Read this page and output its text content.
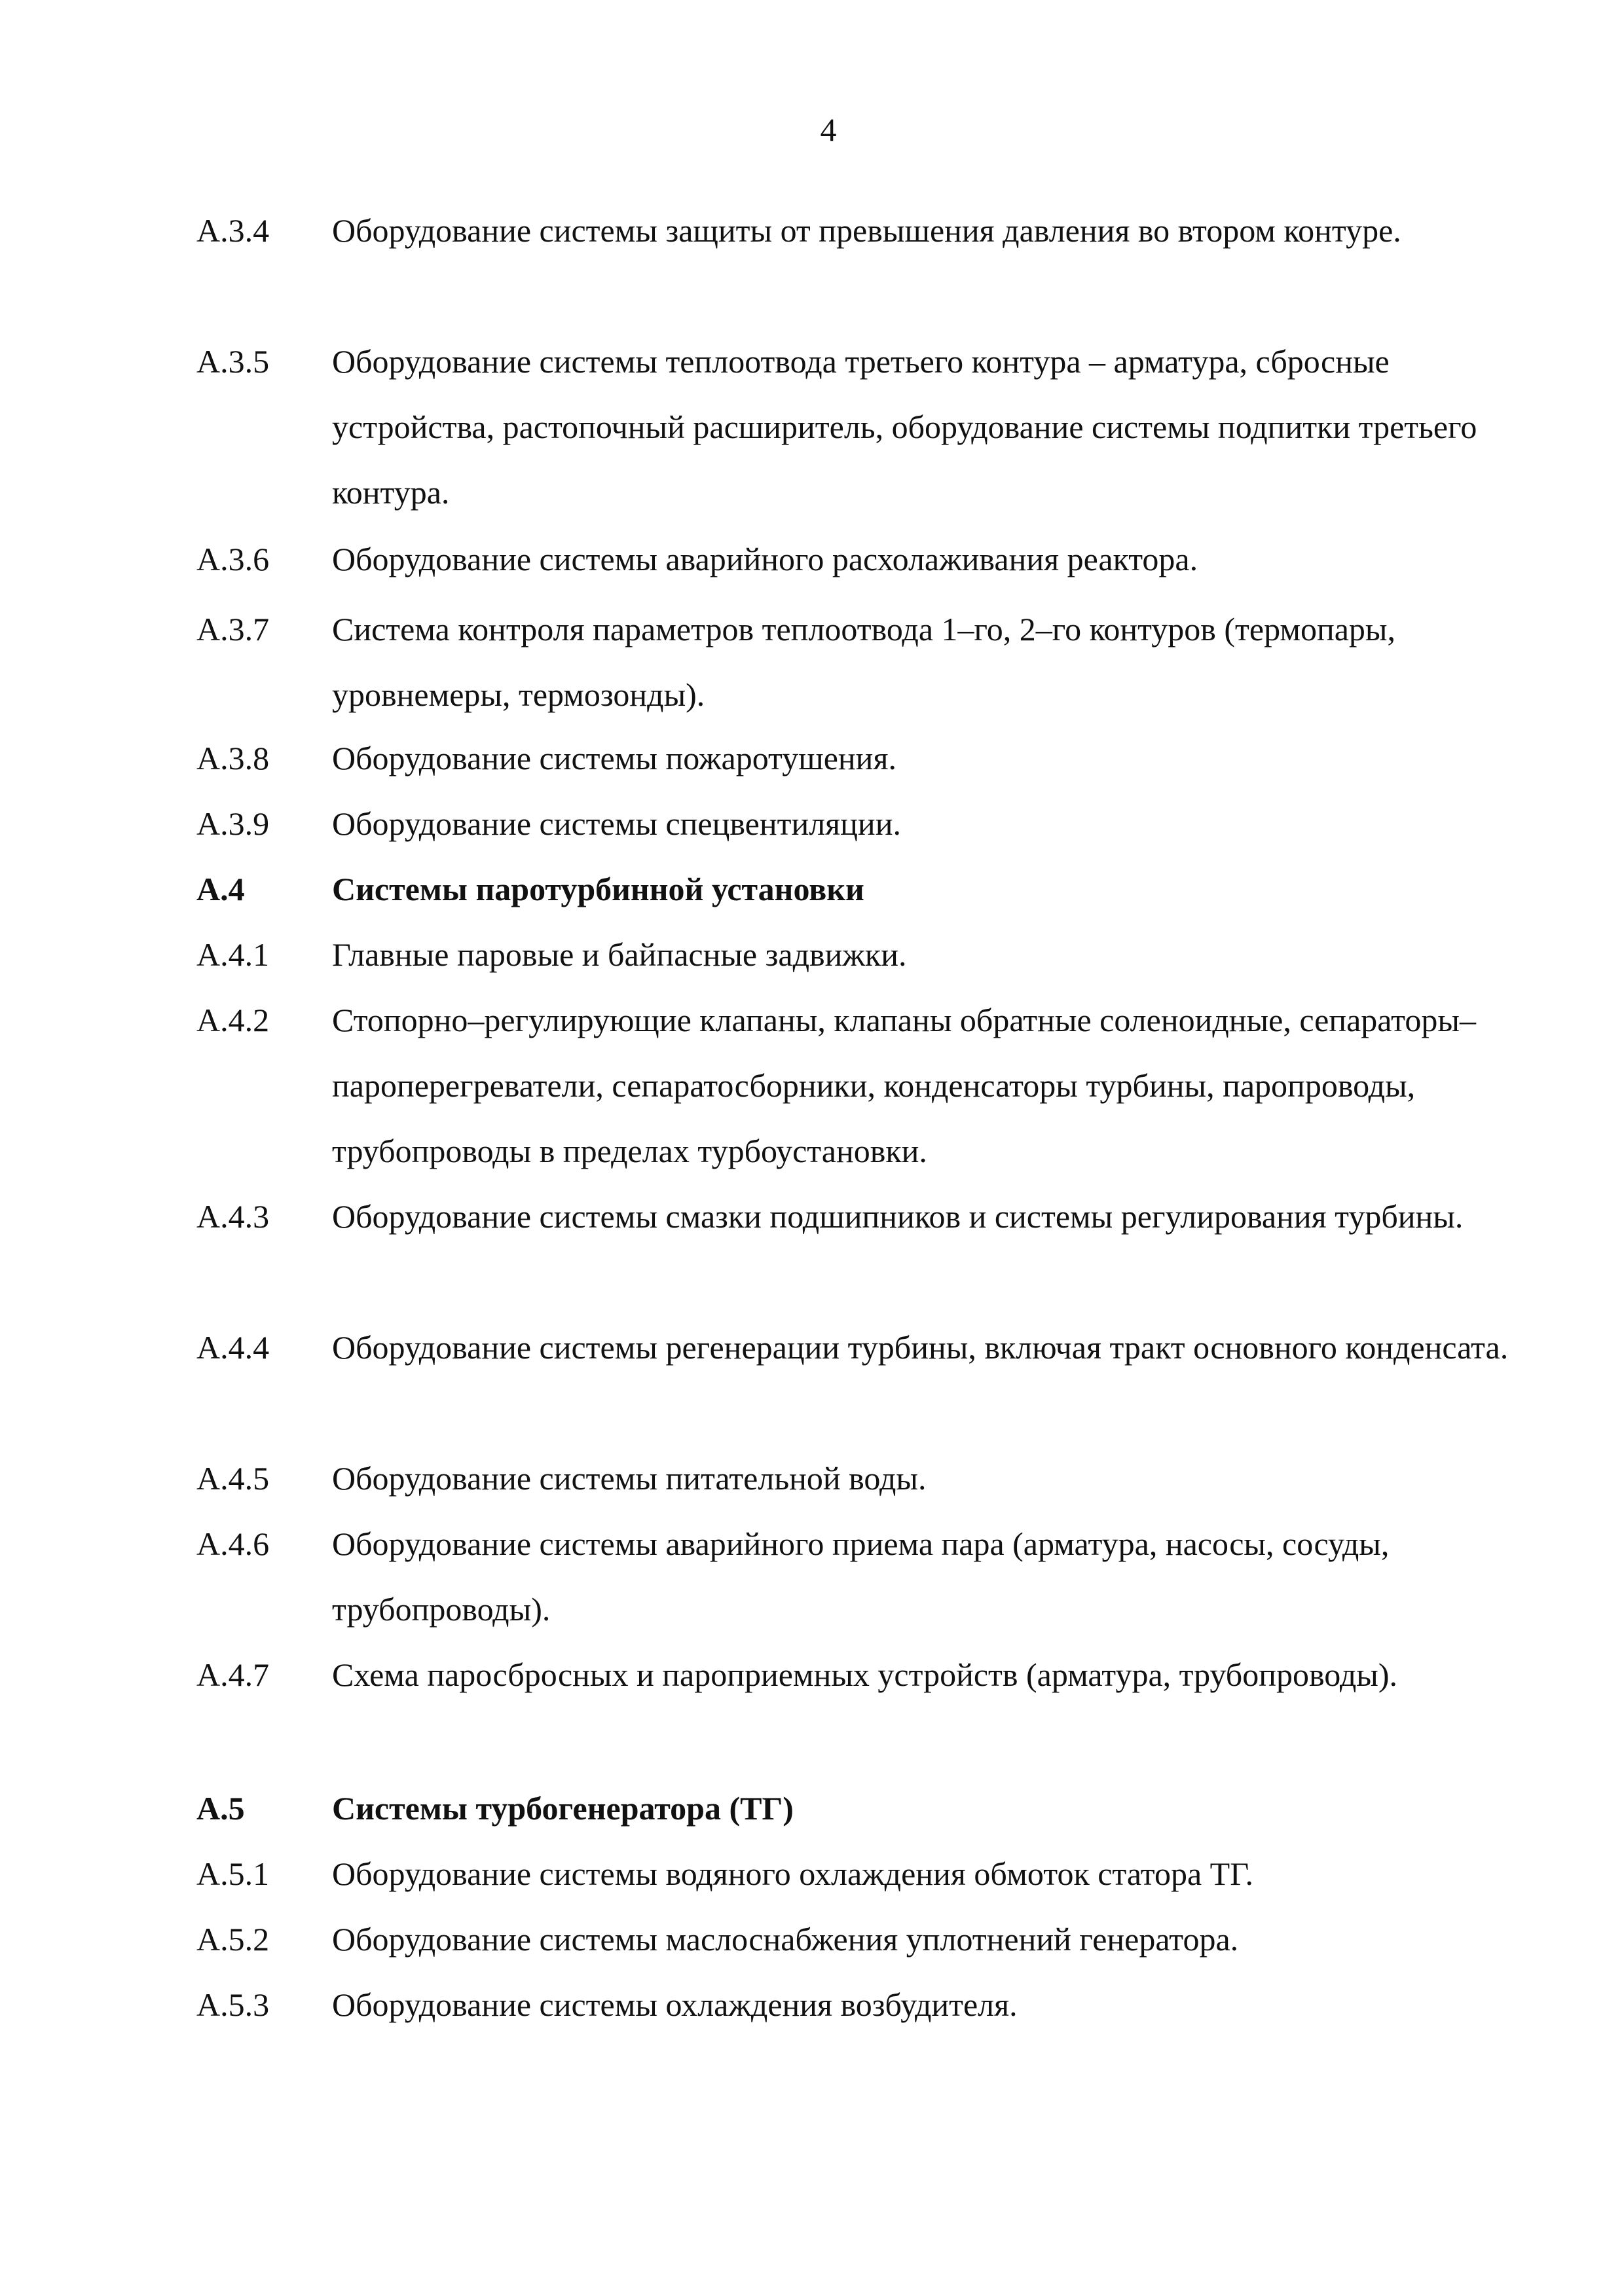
4
А.3.4 Оборудование системы защиты от превышения давления во втором контуре.
А.3.5 Оборудование системы теплоотвода третьего контура – арматура, сбросные устройства, растопочный расширитель, оборудование системы подпитки третьего контура.
А.3.6 Оборудование системы аварийного расхолаживания реактора.
А.3.7 Система контроля параметров теплоотвода 1–го, 2–го контуров (термопары, уровнемеры, термозонды).
А.3.8 Оборудование системы пожаротушения.
А.3.9 Оборудование системы спецвентиляции.
А.4	Системы паротурбинной установки
А.4.1 Главные паровые и байпасные задвижки.
А.4.2 Стопорно–регулирующие клапаны, клапаны обратные соленоидные, сепараторы–пароперегреватели, сепаратосборники, конденсаторы турбины, паропроводы, трубопроводы в пределах турбоустановки.
А.4.3 Оборудование системы смазки подшипников и системы регулирования турбины.
А.4.4 Оборудование системы регенерации турбины, включая тракт основного конденсата.
А.4.5 Оборудование системы питательной воды.
А.4.6 Оборудование системы аварийного приема пара (арматура, насосы, сосуды, трубопроводы).
А.4.7 Схема паросбросных и пароприемных устройств (арматура, трубопроводы).
А.5	Системы турбогенератора (ТГ)
А.5.1 Оборудование системы водяного охлаждения обмоток статора ТГ.
А.5.2 Оборудование системы маслоснабжения уплотнений генератора.
А.5.3 Оборудование системы охлаждения возбудителя.
